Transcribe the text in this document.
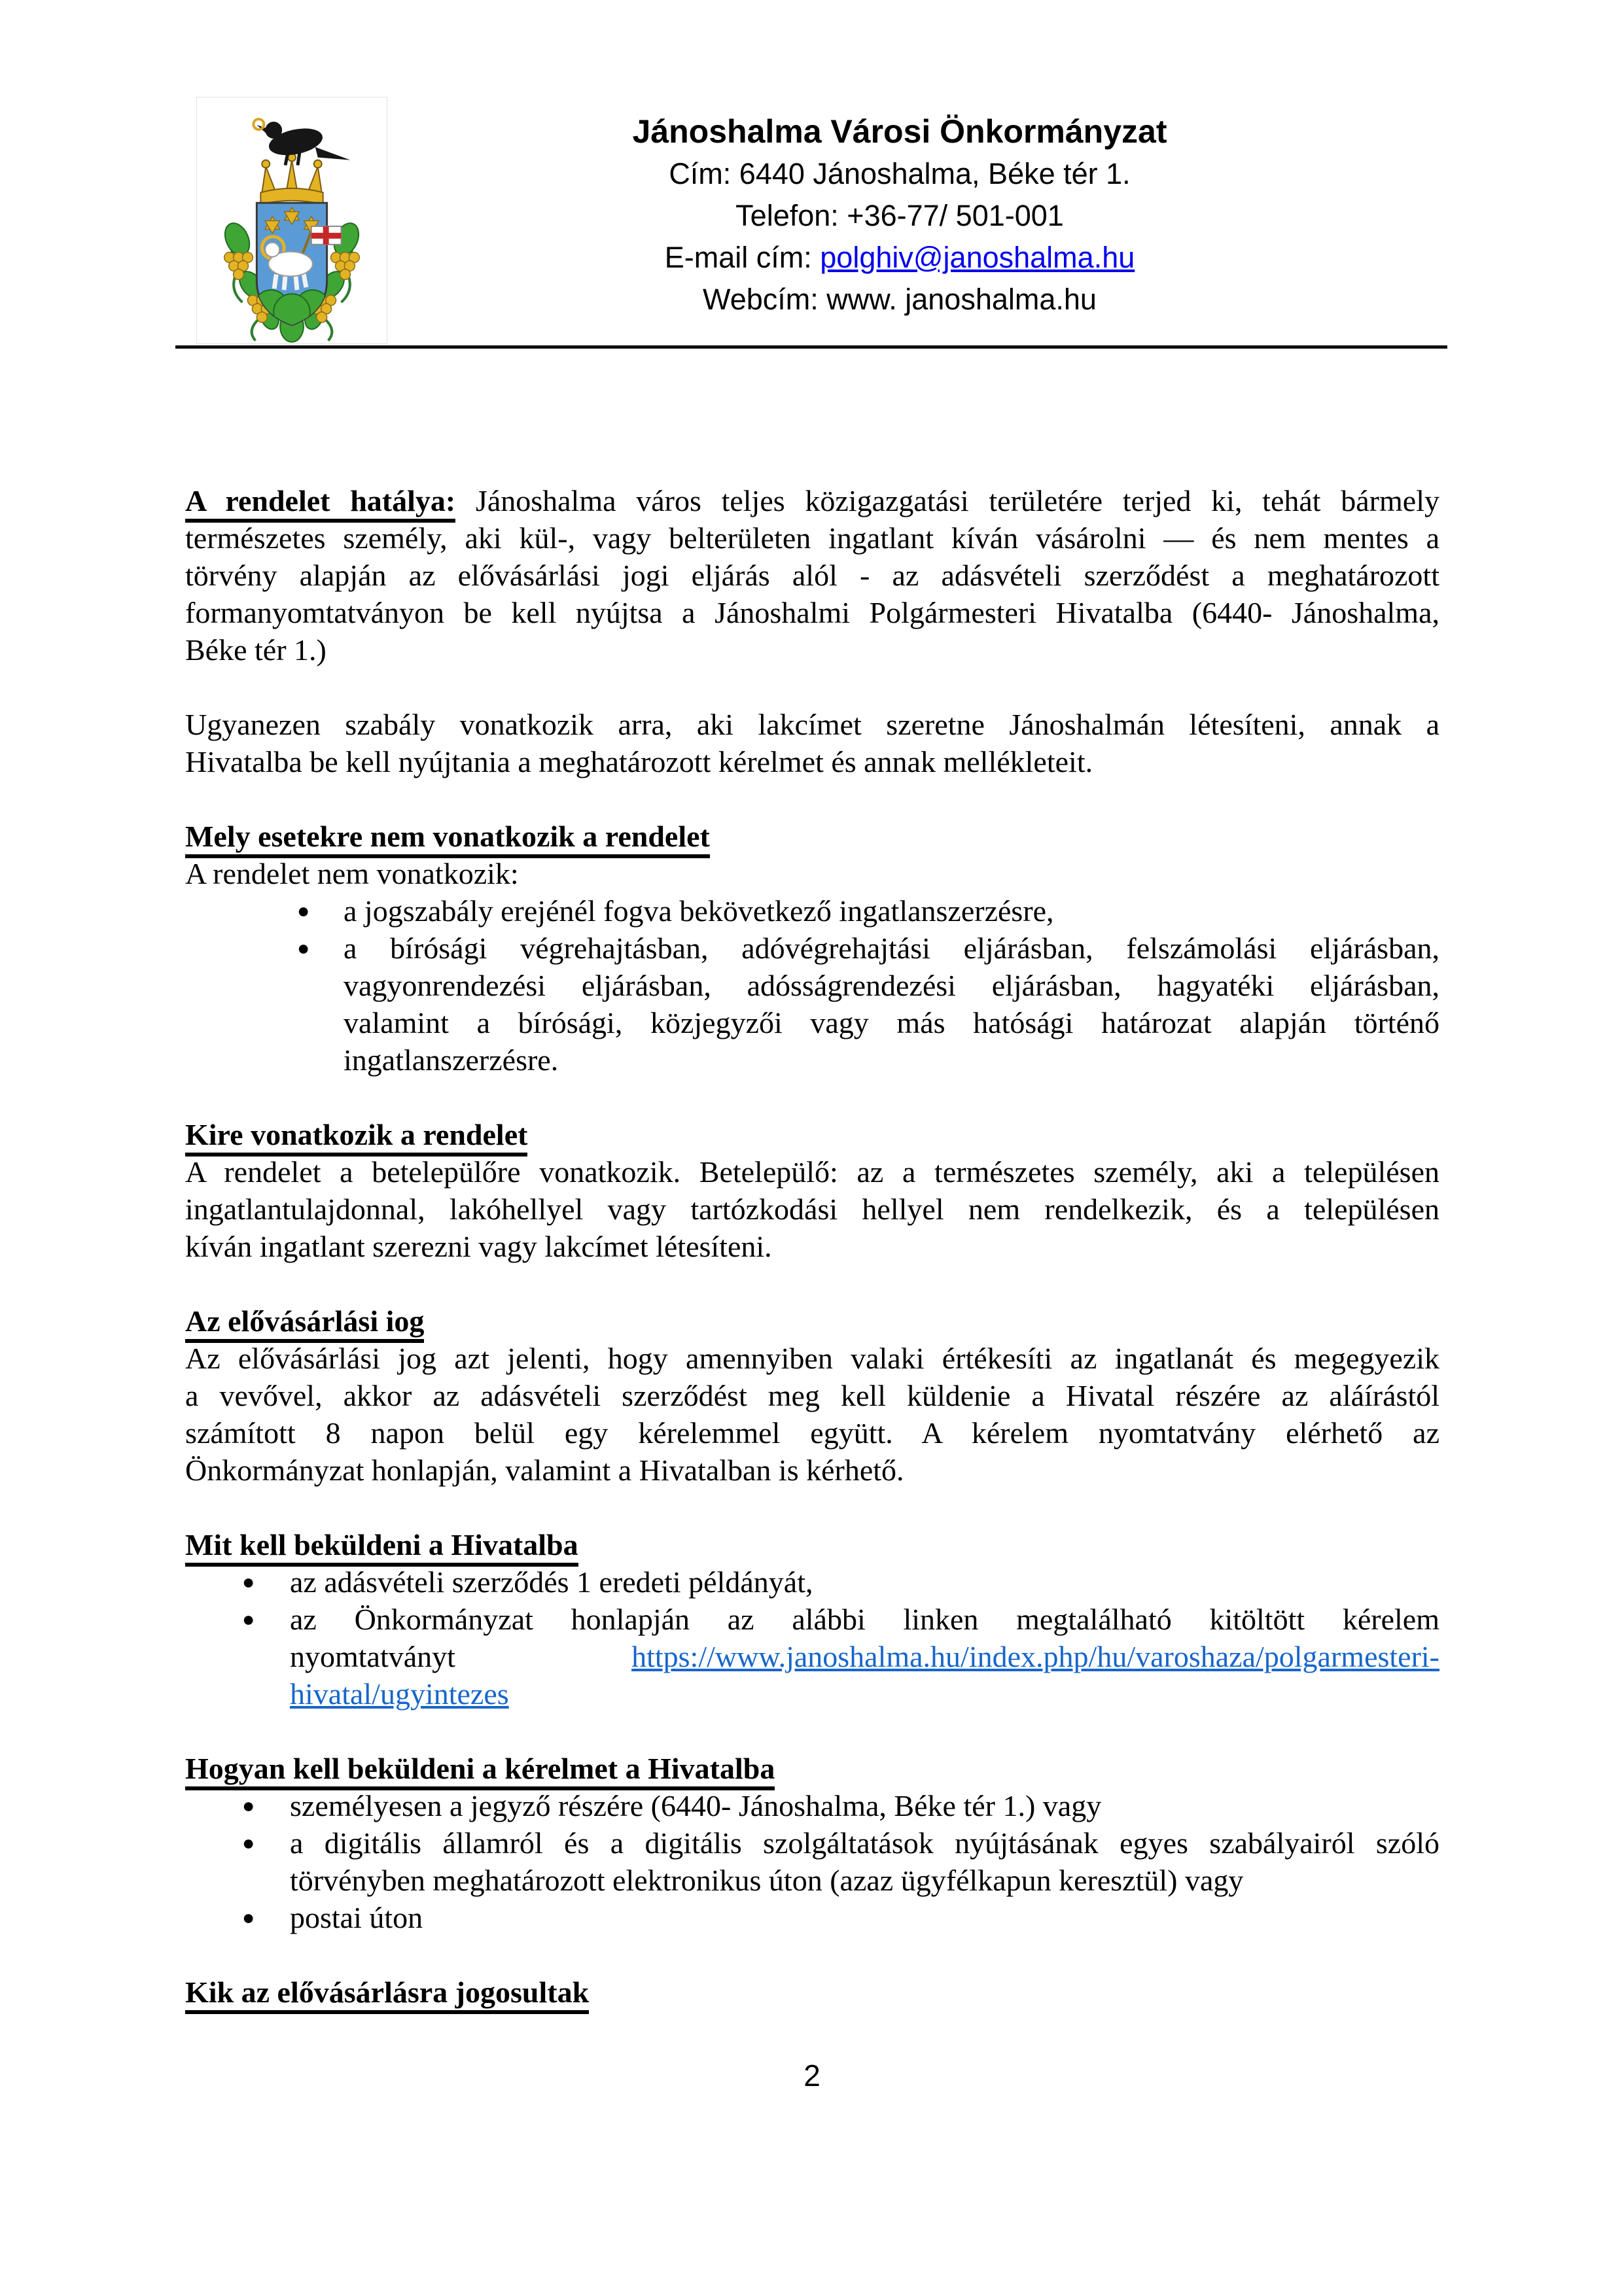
Jánoshalma Városi Önkormányzat
Cím: 6440 Jánoshalma, Béke tér 1.
Telefon: +36-77/ 501-001
E-mail cím: polghiv@janoshalma.hu
Webcím: www. janoshalma.hu
A rendelet hatálya: Jánoshalma város teljes közigazgatási területére terjed ki, tehát bármely
természetes személy, aki kül-, vagy belterületen ingatlant kíván vásárolni — és nem mentes a
törvény alapján az elővásárlási jogi eljárás alól - az adásvételi szerződést a meghatározott
formanyomtatványon be kell nyújtsa a Jánoshalmi Polgármesteri Hivatalba (6440- Jánoshalma,
Béke tér 1.)
Ugyanezen szabály vonatkozik arra, aki lakcímet szeretne Jánoshalmán létesíteni, annak a
Hivatalba be kell nyújtania a meghatározott kérelmet és annak mellékleteit.
Mely esetekre nem vonatkozik a rendelet
A rendelet nem vonatkozik:
● a jogszabály erejénél fogva bekövetkező ingatlanszerzésre,
● a bírósági végrehajtásban, adóvégrehajtási eljárásban, felszámolási eljárásban,
vagyonrendezési eljárásban, adósságrendezési eljárásban, hagyatéki eljárásban,
valamint a bírósági, közjegyzői vagy más hatósági határozat alapján történő
ingatlanszerzésre.
Kire vonatkozik a rendelet
A rendelet a betelepülőre vonatkozik. Betelepülő: az a természetes személy, aki a településen
ingatlantulajdonnal, lakóhellyel vagy tartózkodási hellyel nem rendelkezik, és a településen
kíván ingatlant szerezni vagy lakcímet létesíteni.
Az elővásárlási iog
Az elővásárlási jog azt jelenti, hogy amennyiben valaki értékesíti az ingatlanát és megegyezik
a vevővel, akkor az adásvételi szerződést meg kell küldenie a Hivatal részére az aláírástól
számított 8 napon belül egy kérelemmel együtt. A kérelem nyomtatvány elérhető az
Önkormányzat honlapján, valamint a Hivatalban is kérhető.
Mit kell beküldeni a Hivatalba
● az adásvételi szerződés 1 eredeti példányát,
● az Önkormányzat honlapján az alábbi linken megtalálható kitöltött kérelem
nyomtatványt https://www.janoshalma.hu/index.php/hu/varoshaza/polgarmesteri-
hivatal/ugyintezes
Hogyan kell beküldeni a kérelmet a Hivatalba
● személyesen a jegyző részére (6440- Jánoshalma, Béke tér 1.) vagy
● a digitális államról és a digitális szolgáltatások nyújtásának egyes szabályairól szóló
törvényben meghatározott elektronikus úton (azaz ügyfélkapun keresztül) vagy
● postai úton
Kik az elővásárlásra jogosultak
2
